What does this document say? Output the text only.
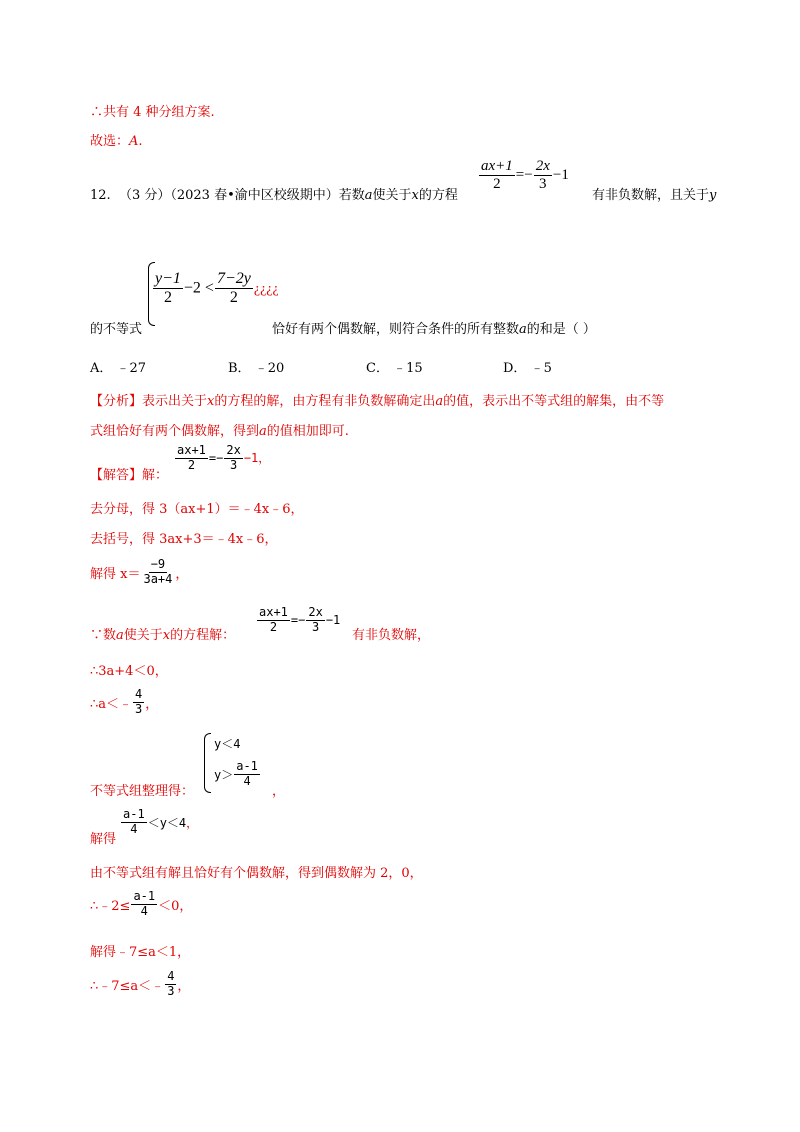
∴共有 4 种分组方案.
故选：A.
12. （3 分）（2023 春•渝中区校级期中）若数a使关于x的方程
$\frac{ax+1}{2} =- \frac{2x}{3} -1$
有非负数解，且关于y
$\frac{y-1}{2} -2 < \frac{7-2y}{2}$ ¿¿¿¿
的不等式	恰好有两个偶数解，则符合条件的所有整数a的和是（ ）
A． ﹣27	B． ﹣20	C． ﹣15	D． ﹣5
【分析】表示出关于x的方程的解，由方程有非负数解确定出a的值，表示出不等式组的解集，由不等
式组恰好有两个偶数解，得到a的值相加即可.
【解答】解：
$\frac{ax+1}{2} =- \frac{2x}{3} -1$，
去分母，得 3（ax+1）＝﹣4x﹣6，
去括号，得 3ax+3＝﹣4x﹣6，
解得 $x= \frac{-9}{3a+4}$ ，
∵数a使关于x的方程解：
$\frac{ax+1}{2} =- \frac{2x}{3} -1$
有非负数解，
∴3a+4＜0，
∴a＜﹣ $\frac{4}{3}$ ，
y＜4
$y> \frac{a-1}{4}$
不等式组整理得：	，
解得
$\frac{a-1}{4} <y<4$，
由不等式组有解且恰好有个偶数解，得到偶数解为 2，0，
∴﹣2≤ $\frac{a-1}{4} <0$，
解得﹣7≤a＜1，
∴﹣7≤a＜﹣ $\frac{4}{3}$ ，
